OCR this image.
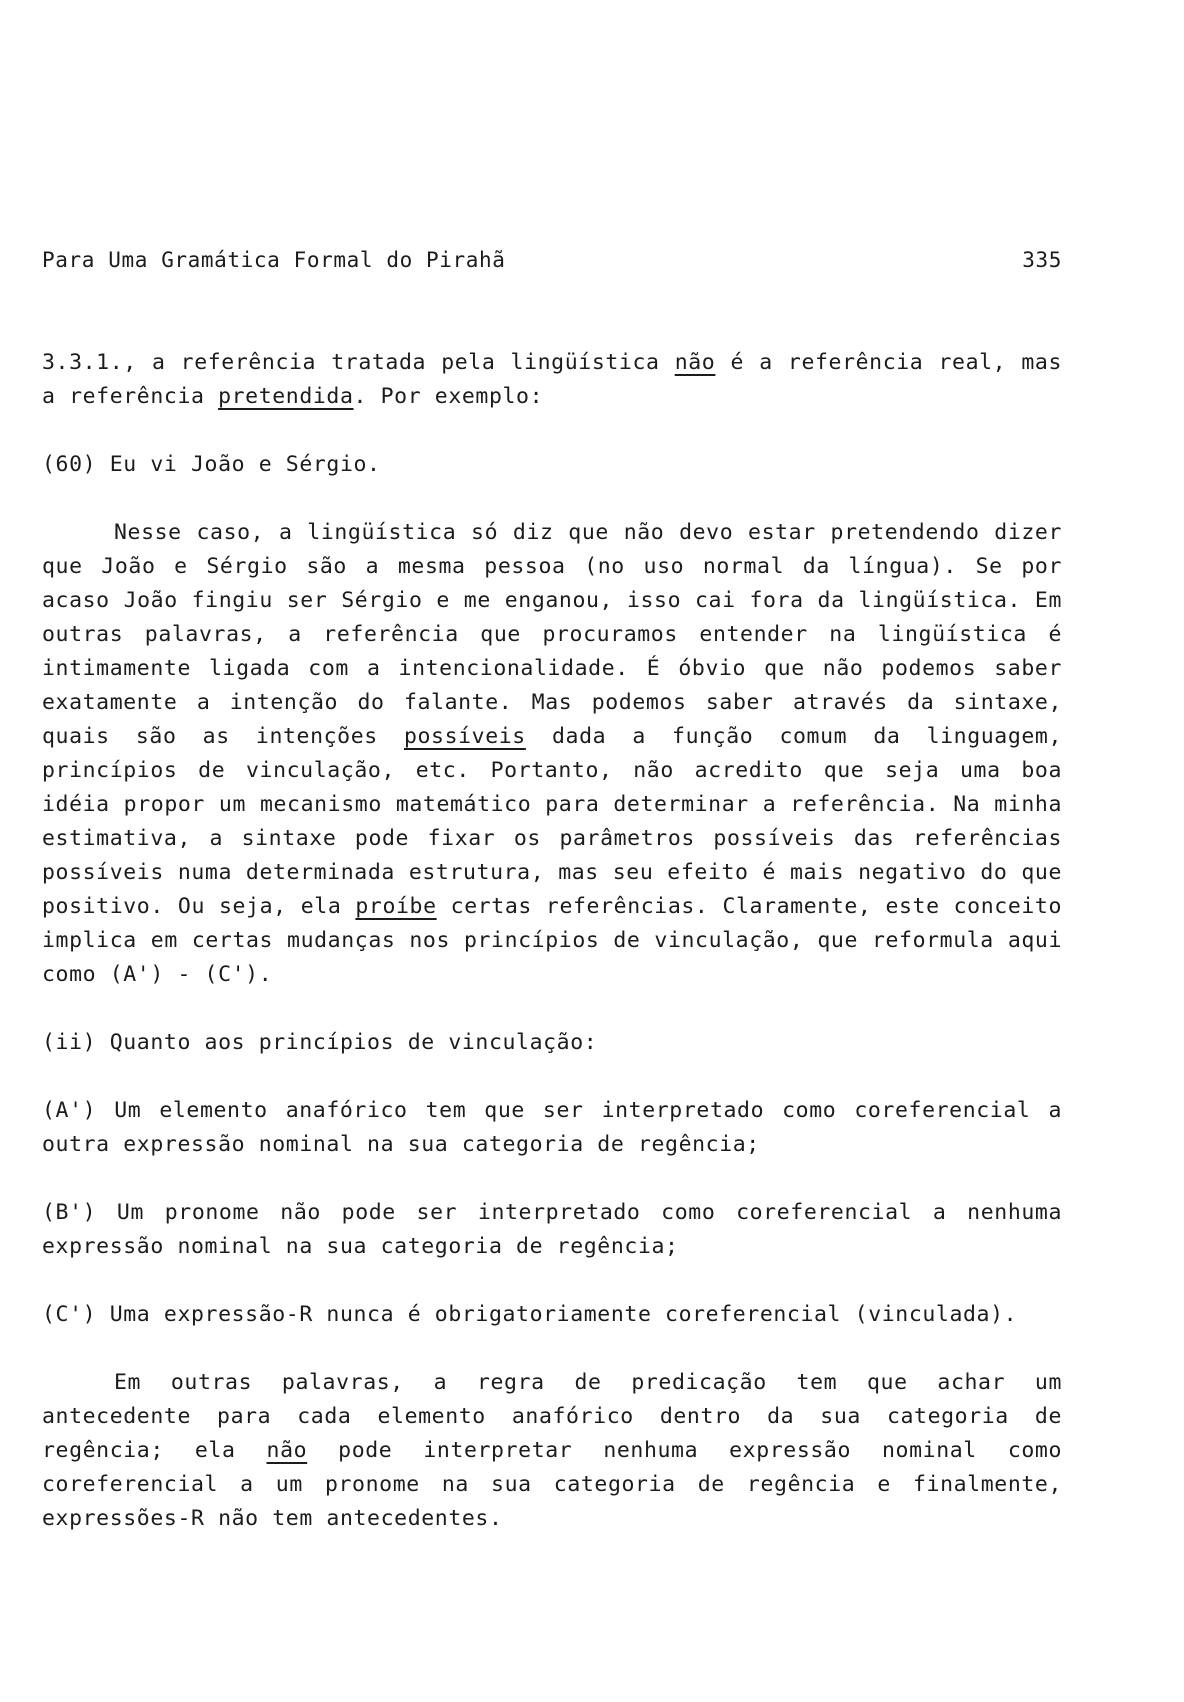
Para Uma Gramática Formal do Pirahã	335

3.3.1., a referência tratada pela lingüística não é a referência real, mas a referência pretendida. Por exemplo:

(60) Eu vi João e Sérgio.

Nesse caso, a lingüística só diz que não devo estar pretendendo dizer que João e Sérgio são a mesma pessoa (no uso normal da língua). Se por acaso João fingiu ser Sérgio e me enganou, isso cai fora da lingüística. Em outras palavras, a referência que procuramos entender na lingüística é intimamente ligada com a intencionalidade. É óbvio que não podemos saber exatamente a intenção do falante. Mas podemos saber através da sintaxe, quais são as intenções possíveis dada a função comum da linguagem, princípios de vinculação, etc. Portanto, não acredito que seja uma boa idéia propor um mecanismo matemático para determinar a referência. Na minha estimativa, a sintaxe pode fixar os parâmetros possíveis das referências possíveis numa determinada estrutura, mas seu efeito é mais negativo do que positivo. Ou seja, ela proíbe certas referências. Claramente, este conceito implica em certas mudanças nos princípios de vinculação, que reformula aqui como (A') - (C').

(ii) Quanto aos princípios de vinculação:

(A') Um elemento anafórico tem que ser interpretado como coreferencial a outra expressão nominal na sua categoria de regência;

(B') Um pronome não pode ser interpretado como coreferencial a nenhuma expressão nominal na sua categoria de regência;

(C') Uma expressão-R nunca é obrigatoriamente coreferencial (vinculada).

Em outras palavras, a regra de predicação tem que achar um antecedente para cada elemento anafórico dentro da sua categoria de regência; ela não pode interpretar nenhuma expressão nominal como coreferencial a um pronome na sua categoria de regência e finalmente, expressões-R não tem antecedentes.
